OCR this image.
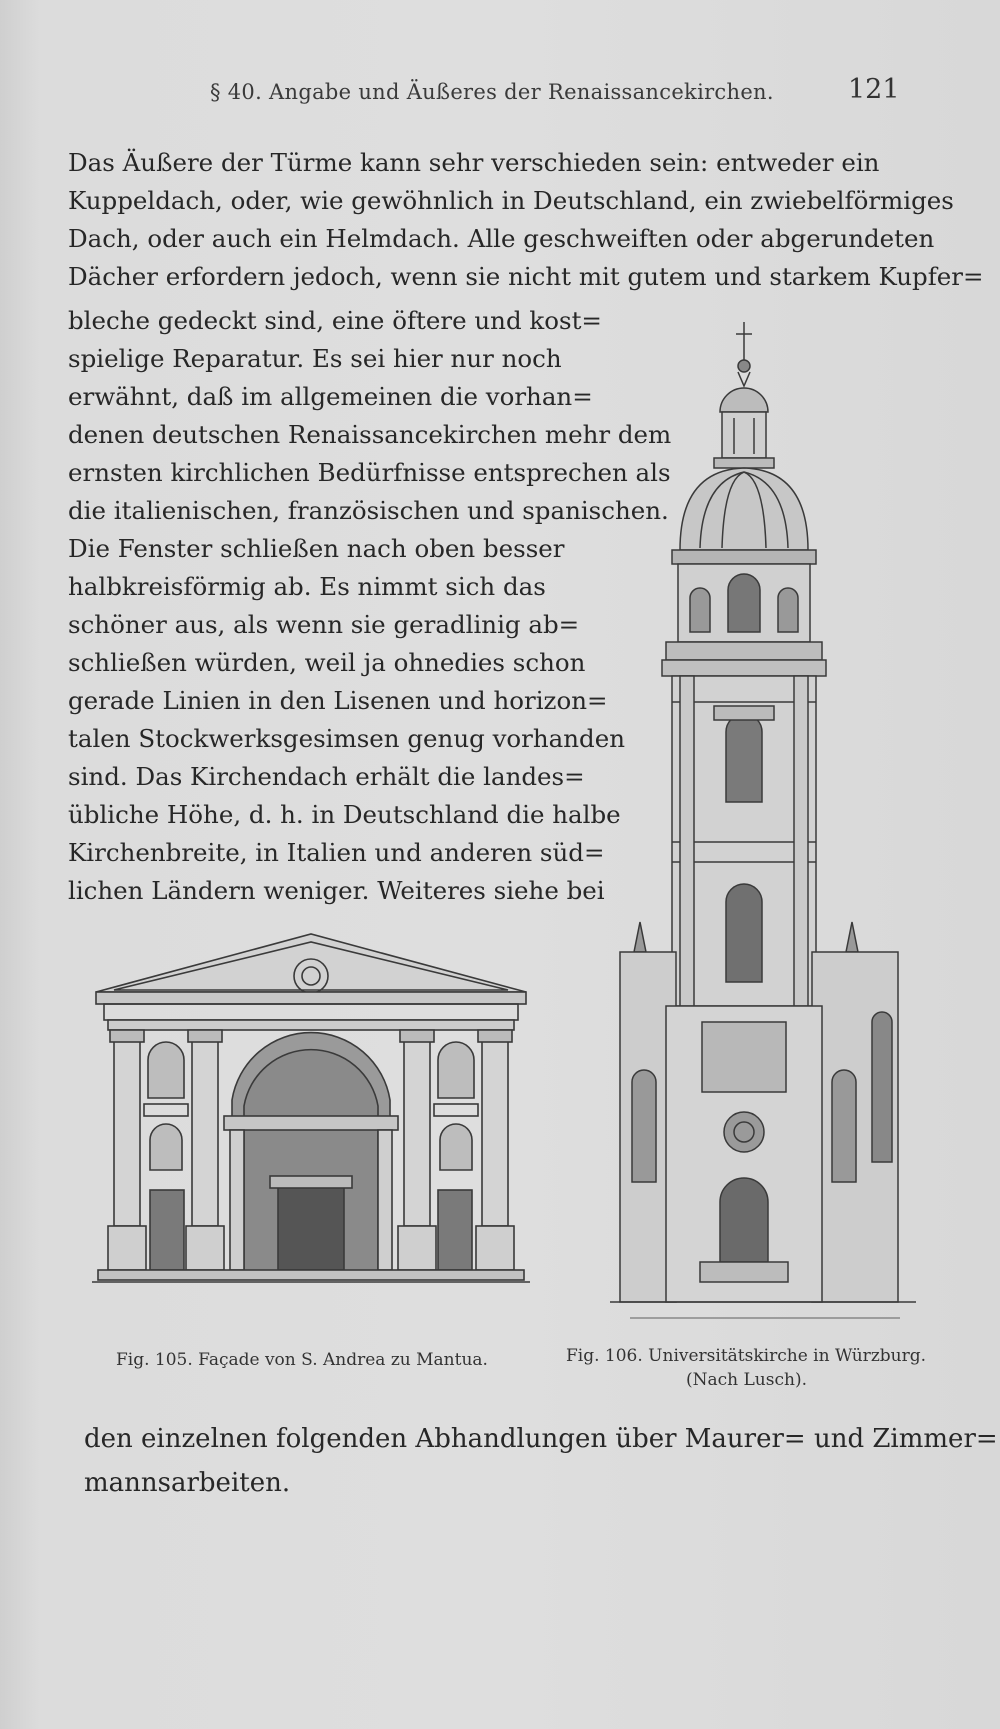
§ 40. Angabe und Äußeres der Renaissancekirchen.	121
Das Äußere der Türme kann sehr verschieden sein: entweder ein
Kuppeldach, oder, wie gewöhnlich in Deutschland, ein zwiebelförmiges
Dach, oder auch ein Helmdach. Alle geschweiften oder abgerundeten
Dächer erfordern jedoch, wenn sie nicht mit gutem und starkem Kupfer=
bleche gedeckt sind, eine öftere und kost=
spielige Reparatur. Es sei hier nur noch
erwähnt, daß im allgemeinen die vorhan=
denen deutschen Renaissancekirchen mehr dem
ernsten kirchlichen Bedürfnisse entsprechen als
die italienischen, französischen und spanischen.
Die Fenster schließen nach oben besser
halbkreisförmig ab. Es nimmt sich das
schöner aus, als wenn sie geradlinig ab=
schließen würden, weil ja ohnedies schon
gerade Linien in den Lisenen und horizon=
talen Stockwerksgesimsen genug vorhanden
sind. Das Kirchendach erhält die landes=
übliche Höhe, d. h. in Deutschland die halbe
Kirchenbreite, in Italien und anderen süd=
lichen Ländern weniger. Weiteres siehe bei
Fig. 105. Façade von S. Andrea zu Mantua.	Fig. 106. Universitätskirche in Würzburg.
(Nach Lusch).
den einzelnen folgenden Abhandlungen über Maurer= und Zimmer=
mannsarbeiten.
